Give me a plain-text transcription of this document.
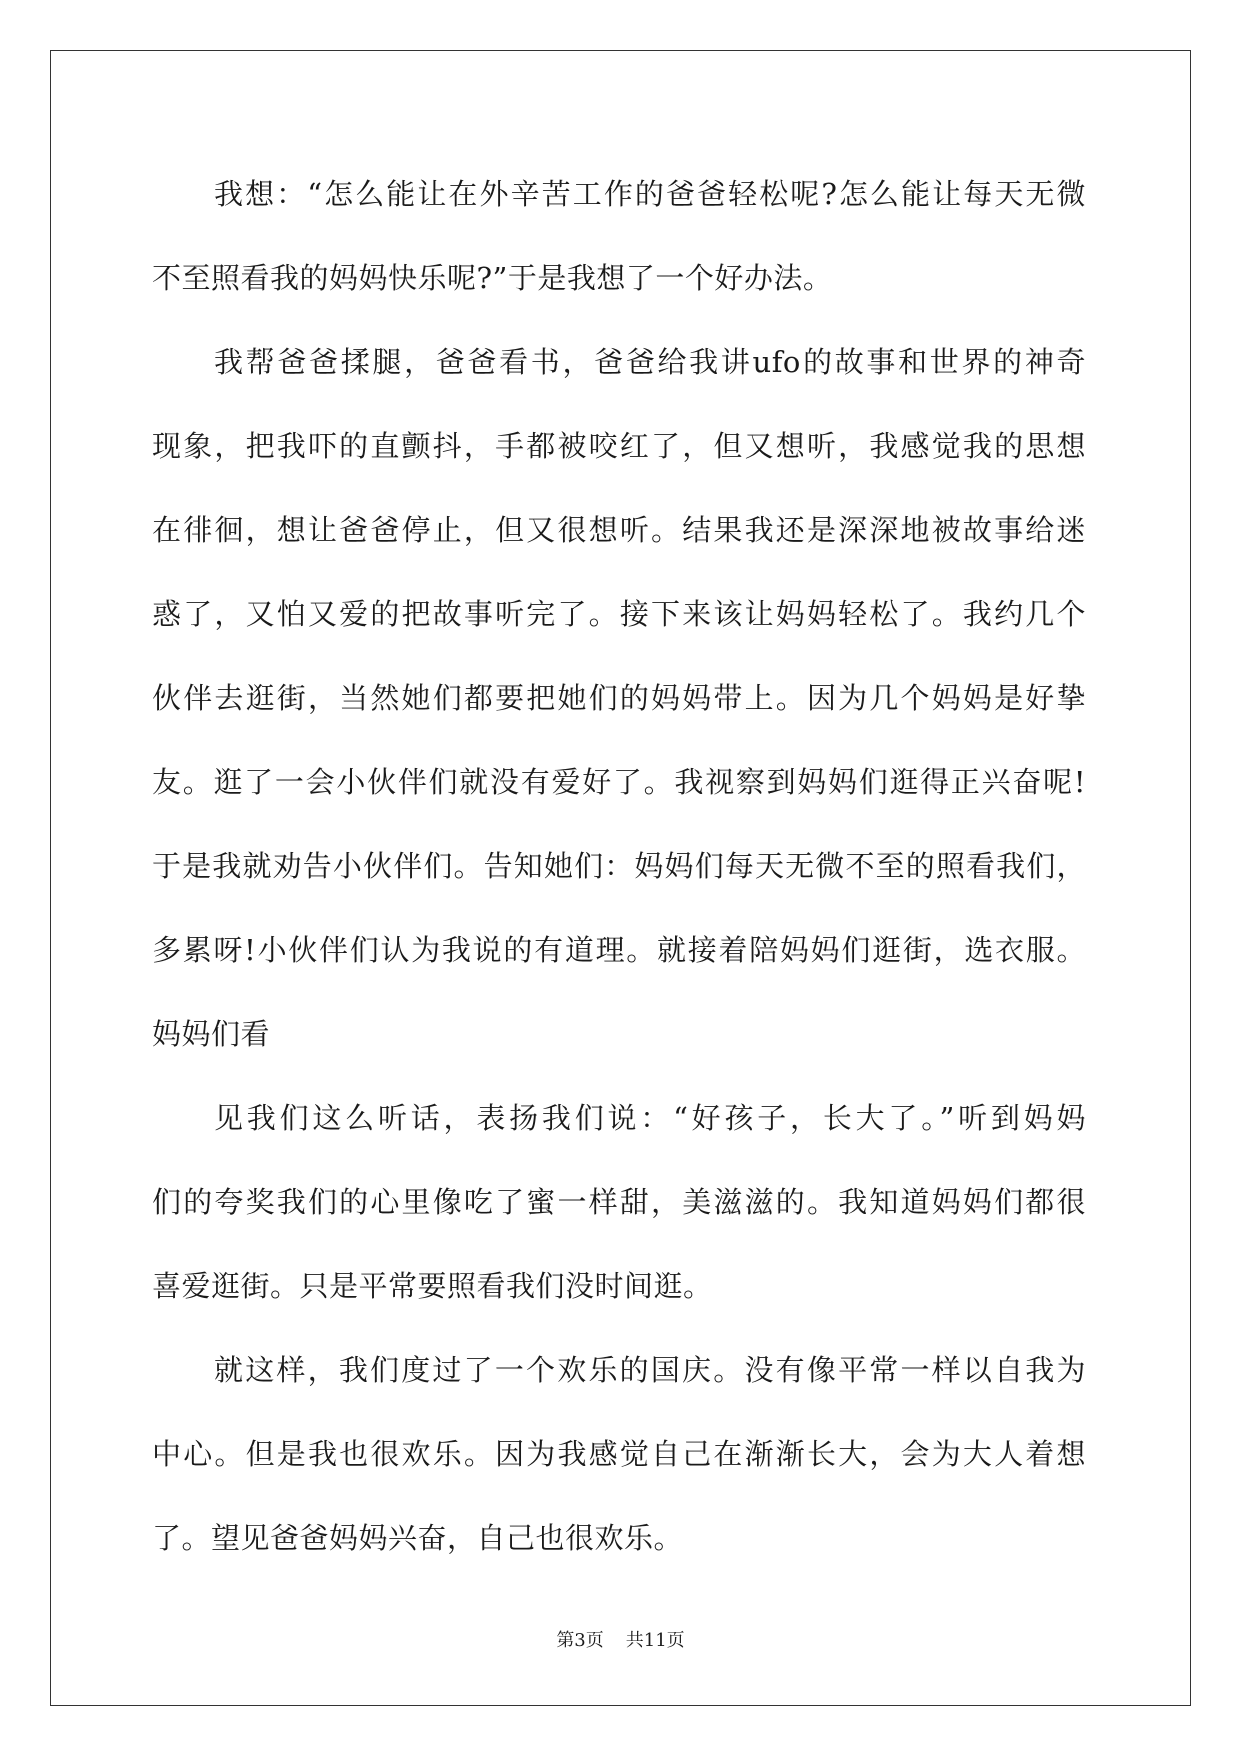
我想：“怎么能让在外辛苦工作的爸爸轻松呢?怎么能让每天无微
不至照看我的妈妈快乐呢?”于是我想了一个好办法。
我帮爸爸揉腿，爸爸看书，爸爸给我讲ufo的故事和世界的神奇
现象，把我吓的直颤抖，手都被咬红了，但又想听，我感觉我的思想
在徘徊，想让爸爸停止，但又很想听。结果我还是深深地被故事给迷
惑了，又怕又爱的把故事听完了。接下来该让妈妈轻松了。我约几个
伙伴去逛街，当然她们都要把她们的妈妈带上。因为几个妈妈是好挚
友。逛了一会小伙伴们就没有爱好了。我视察到妈妈们逛得正兴奋呢!
于是我就劝告小伙伴们。告知她们：妈妈们每天无微不至的照看我们，
多累呀!小伙伴们认为我说的有道理。就接着陪妈妈们逛街，选衣服。
妈妈们看
见我们这么听话，表扬我们说：“好孩子，长大了。”听到妈妈
们的夸奖我们的心里像吃了蜜一样甜，美滋滋的。我知道妈妈们都很
喜爱逛街。只是平常要照看我们没时间逛。
就这样，我们度过了一个欢乐的国庆。没有像平常一样以自我为
中心。但是我也很欢乐。因为我感觉自己在渐渐长大，会为大人着想
了。望见爸爸妈妈兴奋，自己也很欢乐。
第3页 共11页
